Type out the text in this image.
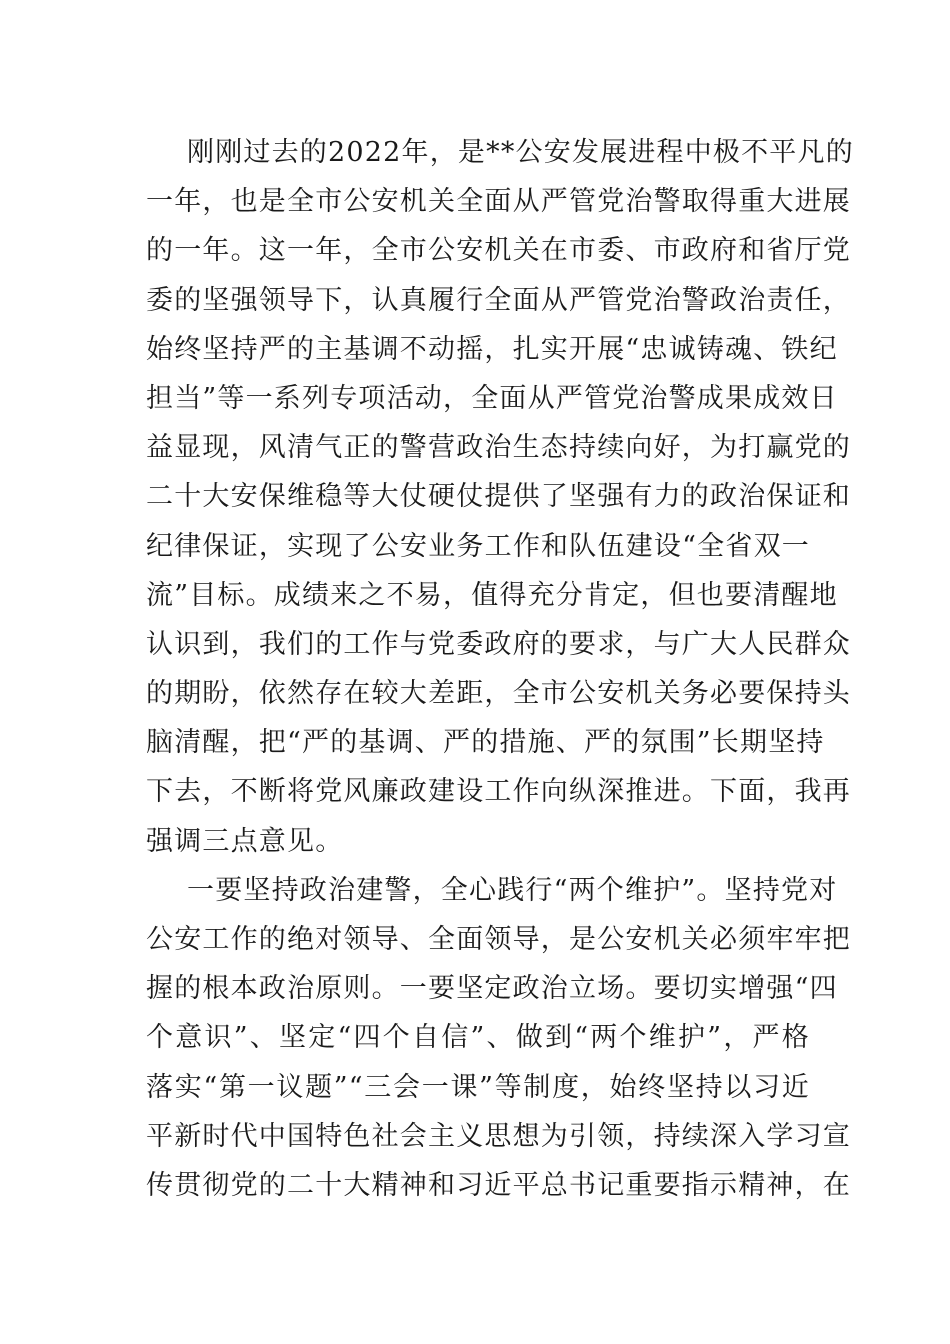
刚刚过去的2022年，是**公安发展进程中极不平凡的
一年，也是全市公安机关全面从严管党治警取得重大进展
的一年。这一年，全市公安机关在市委、市政府和省厅党
委的坚强领导下，认真履行全面从严管党治警政治责任，
始终坚持严的主基调不动摇，扎实开展“忠诚铸魂、铁纪
担当”等一系列专项活动，全面从严管党治警成果成效日
益显现，风清气正的警营政治生态持续向好，为打赢党的
二十大安保维稳等大仗硬仗提供了坚强有力的政治保证和
纪律保证，实现了公安业务工作和队伍建设“全省双一
流”目标。成绩来之不易，值得充分肯定，但也要清醒地
认识到，我们的工作与党委政府的要求，与广大人民群众
的期盼，依然存在较大差距，全市公安机关务必要保持头
脑清醒，把“严的基调、严的措施、严的氛围”长期坚持
下去，不断将党风廉政建设工作向纵深推进。下面，我再
强调三点意见。
一要坚持政治建警，全心践行“两个维护”。坚持党对
公安工作的绝对领导、全面领导，是公安机关必须牢牢把
握的根本政治原则。一要坚定政治立场。要切实增强“四
个意识”、坚定“四个自信”、做到“两个维护”，严格
落实“第一议题”“三会一课”等制度，始终坚持以习近
平新时代中国特色社会主义思想为引领，持续深入学习宣
传贯彻党的二十大精神和习近平总书记重要指示精神，在
